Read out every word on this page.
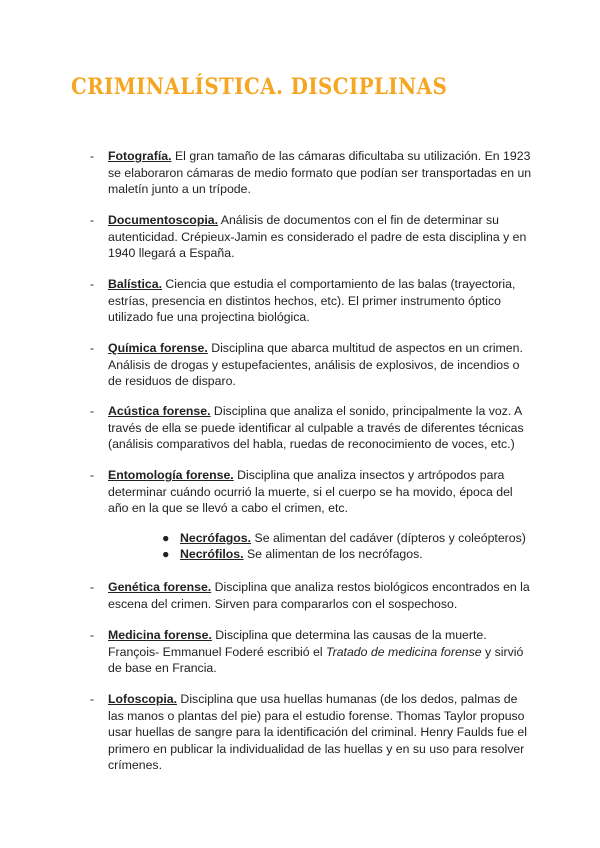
CRIMINALÍSTICA. DISCIPLINAS
- Fotografía. El gran tamaño de las cámaras dificultaba su utilización. En 1923 se elaboraron cámaras de medio formato que podían ser transportadas en un maletín junto a un trípode.
- Documentoscopia. Análisis de documentos con el fin de determinar su autenticidad. Crépieux-Jamin es considerado el padre de esta disciplina y en 1940 llegará a España.
- Balística. Ciencia que estudia el comportamiento de las balas (trayectoria, estrías, presencia en distintos hechos, etc). El primer instrumento óptico utilizado fue una projectina biológica.
- Química forense. Disciplina que abarca multitud de aspectos en un crimen. Análisis de drogas y estupefacientes, análisis de explosivos, de incendios o de residuos de disparo.
- Acústica forense. Disciplina que analiza el sonido, principalmente la voz. A través de ella se puede identificar al culpable a través de diferentes técnicas (análisis comparativos del habla, ruedas de reconocimiento de voces, etc.)
- Entomología forense. Disciplina que analiza insectos y artrópodos para determinar cuándo ocurrió la muerte, si el cuerpo se ha movido, época del año en la que se llevó a cabo el crimen, etc.
● Necrófagos. Se alimentan del cadáver (dípteros y coleópteros)
● Necrófilos. Se alimentan de los necrófagos.
- Genética forense. Disciplina que analiza restos biológicos encontrados en la escena del crimen. Sirven para compararlos con el sospechoso.
- Medicina forense. Disciplina que determina las causas de la muerte. François- Emmanuel Foderé escribió el Tratado de medicina forense y sirvió de base en Francia.
- Lofoscopia. Disciplina que usa huellas humanas (de los dedos, palmas de las manos o plantas del pie) para el estudio forense. Thomas Taylor propuso usar huellas de sangre para la identificación del criminal. Henry Faulds fue el primero en publicar la individualidad de las huellas y en su uso para resolver crímenes.
